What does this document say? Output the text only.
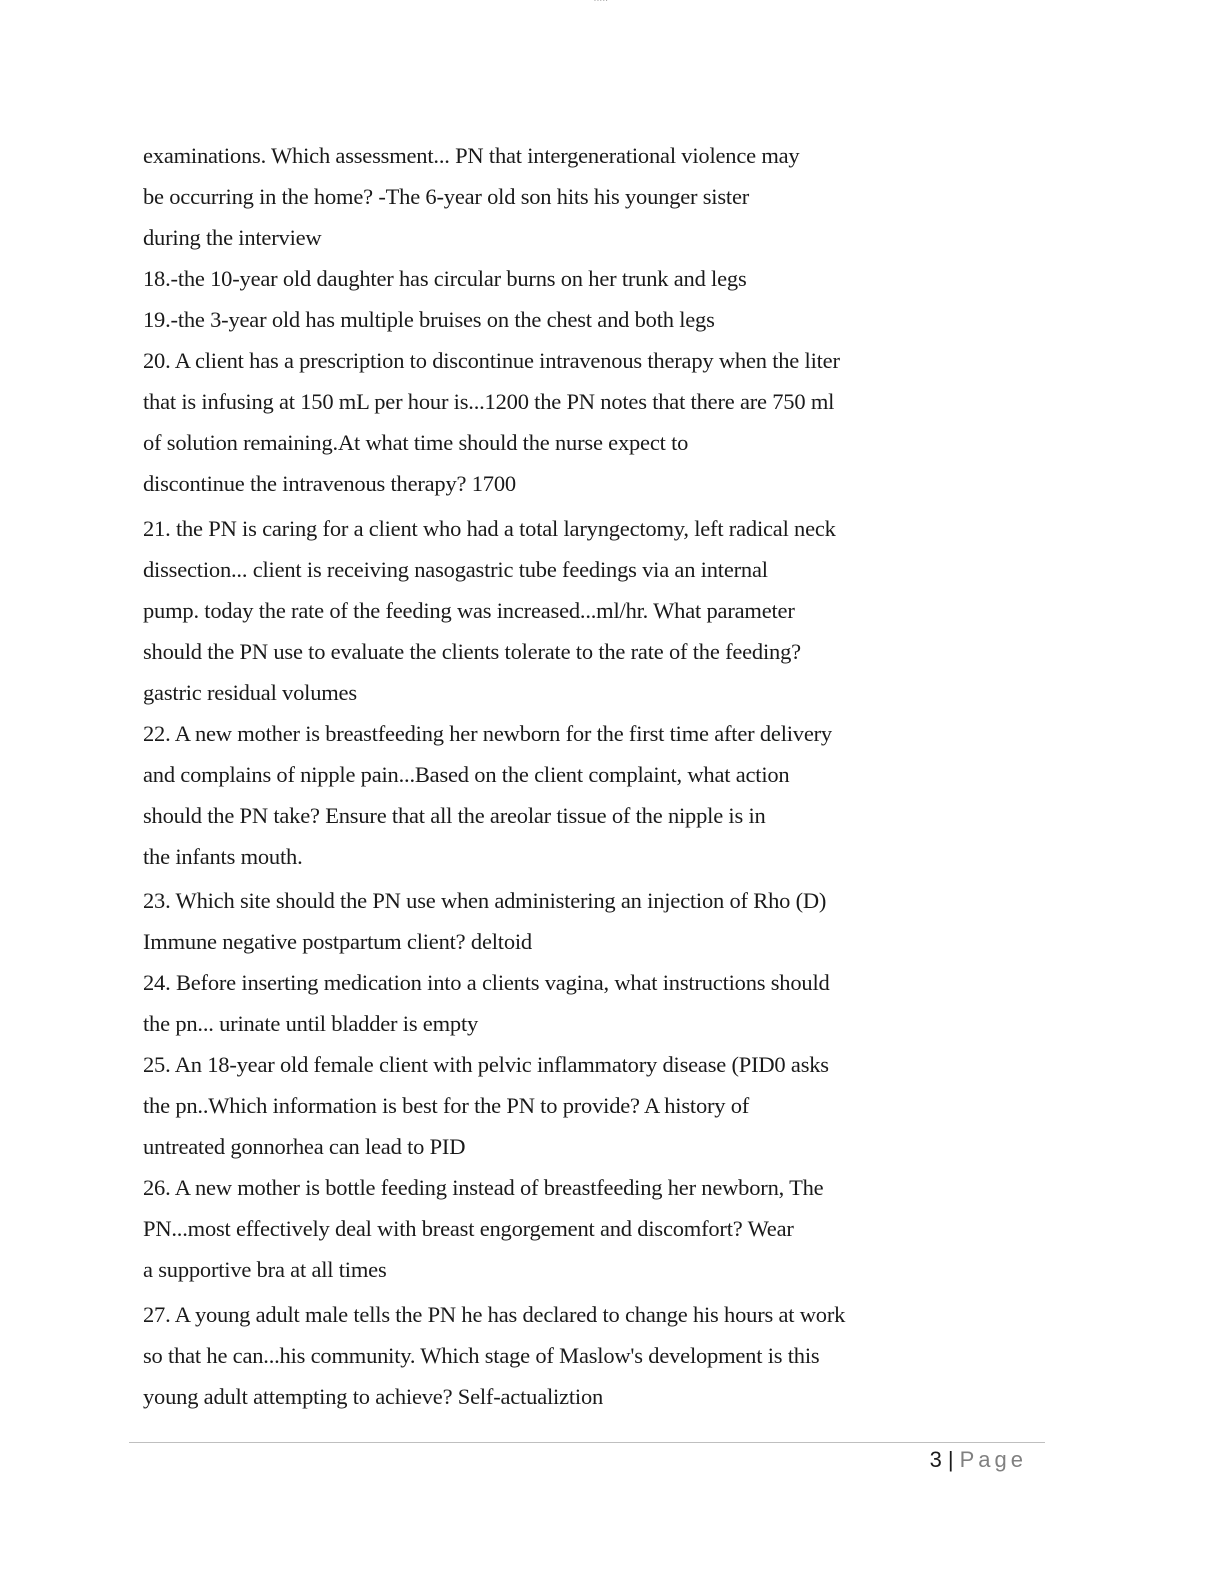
examinations. Which assessment... PN that intergenerational violence may
be occurring in the home? -The 6-year old son hits his younger sister
during the interview
18.-the 10-year old daughter has circular burns on her trunk and legs
19.-the 3-year old has multiple bruises on the chest and both legs
20. A client has a prescription to discontinue intravenous therapy when the liter
that is infusing at 150 mL per hour is...1200 the PN notes that there are 750 ml
of solution remaining.At what time should the nurse expect to
discontinue the intravenous therapy? 1700
21. the PN is caring for a client who had a total laryngectomy, left radical neck
dissection... client is receiving nasogastric tube feedings via an internal
pump. today the rate of the feeding was increased...ml/hr. What parameter
should the PN use to evaluate the clients tolerate to the rate of the feeding?
gastric residual volumes
22. A new mother is breastfeeding her newborn for the first time after delivery
and complains of nipple pain...Based on the client complaint, what action
should the PN take? Ensure that all the areolar tissue of the nipple is in
the infants mouth.
23. Which site should the PN use when administering an injection of Rho (D)
Immune negative postpartum client? deltoid
24. Before inserting medication into a clients vagina, what instructions should
the pn... urinate until bladder is empty
25. An 18-year old female client with pelvic inflammatory disease (PID0 asks
the pn..Which information is best for the PN to provide? A history of
untreated gonnorhea can lead to PID
26. A new mother is bottle feeding instead of breastfeeding her newborn, The
PN...most effectively deal with breast engorgement and discomfort? Wear
a supportive bra at all times
27. A young adult male tells the PN he has declared to change his hours at work
so that he can...his community. Which stage of Maslow's development is this
young adult attempting to achieve? Self-actualiztion
3 | Page
